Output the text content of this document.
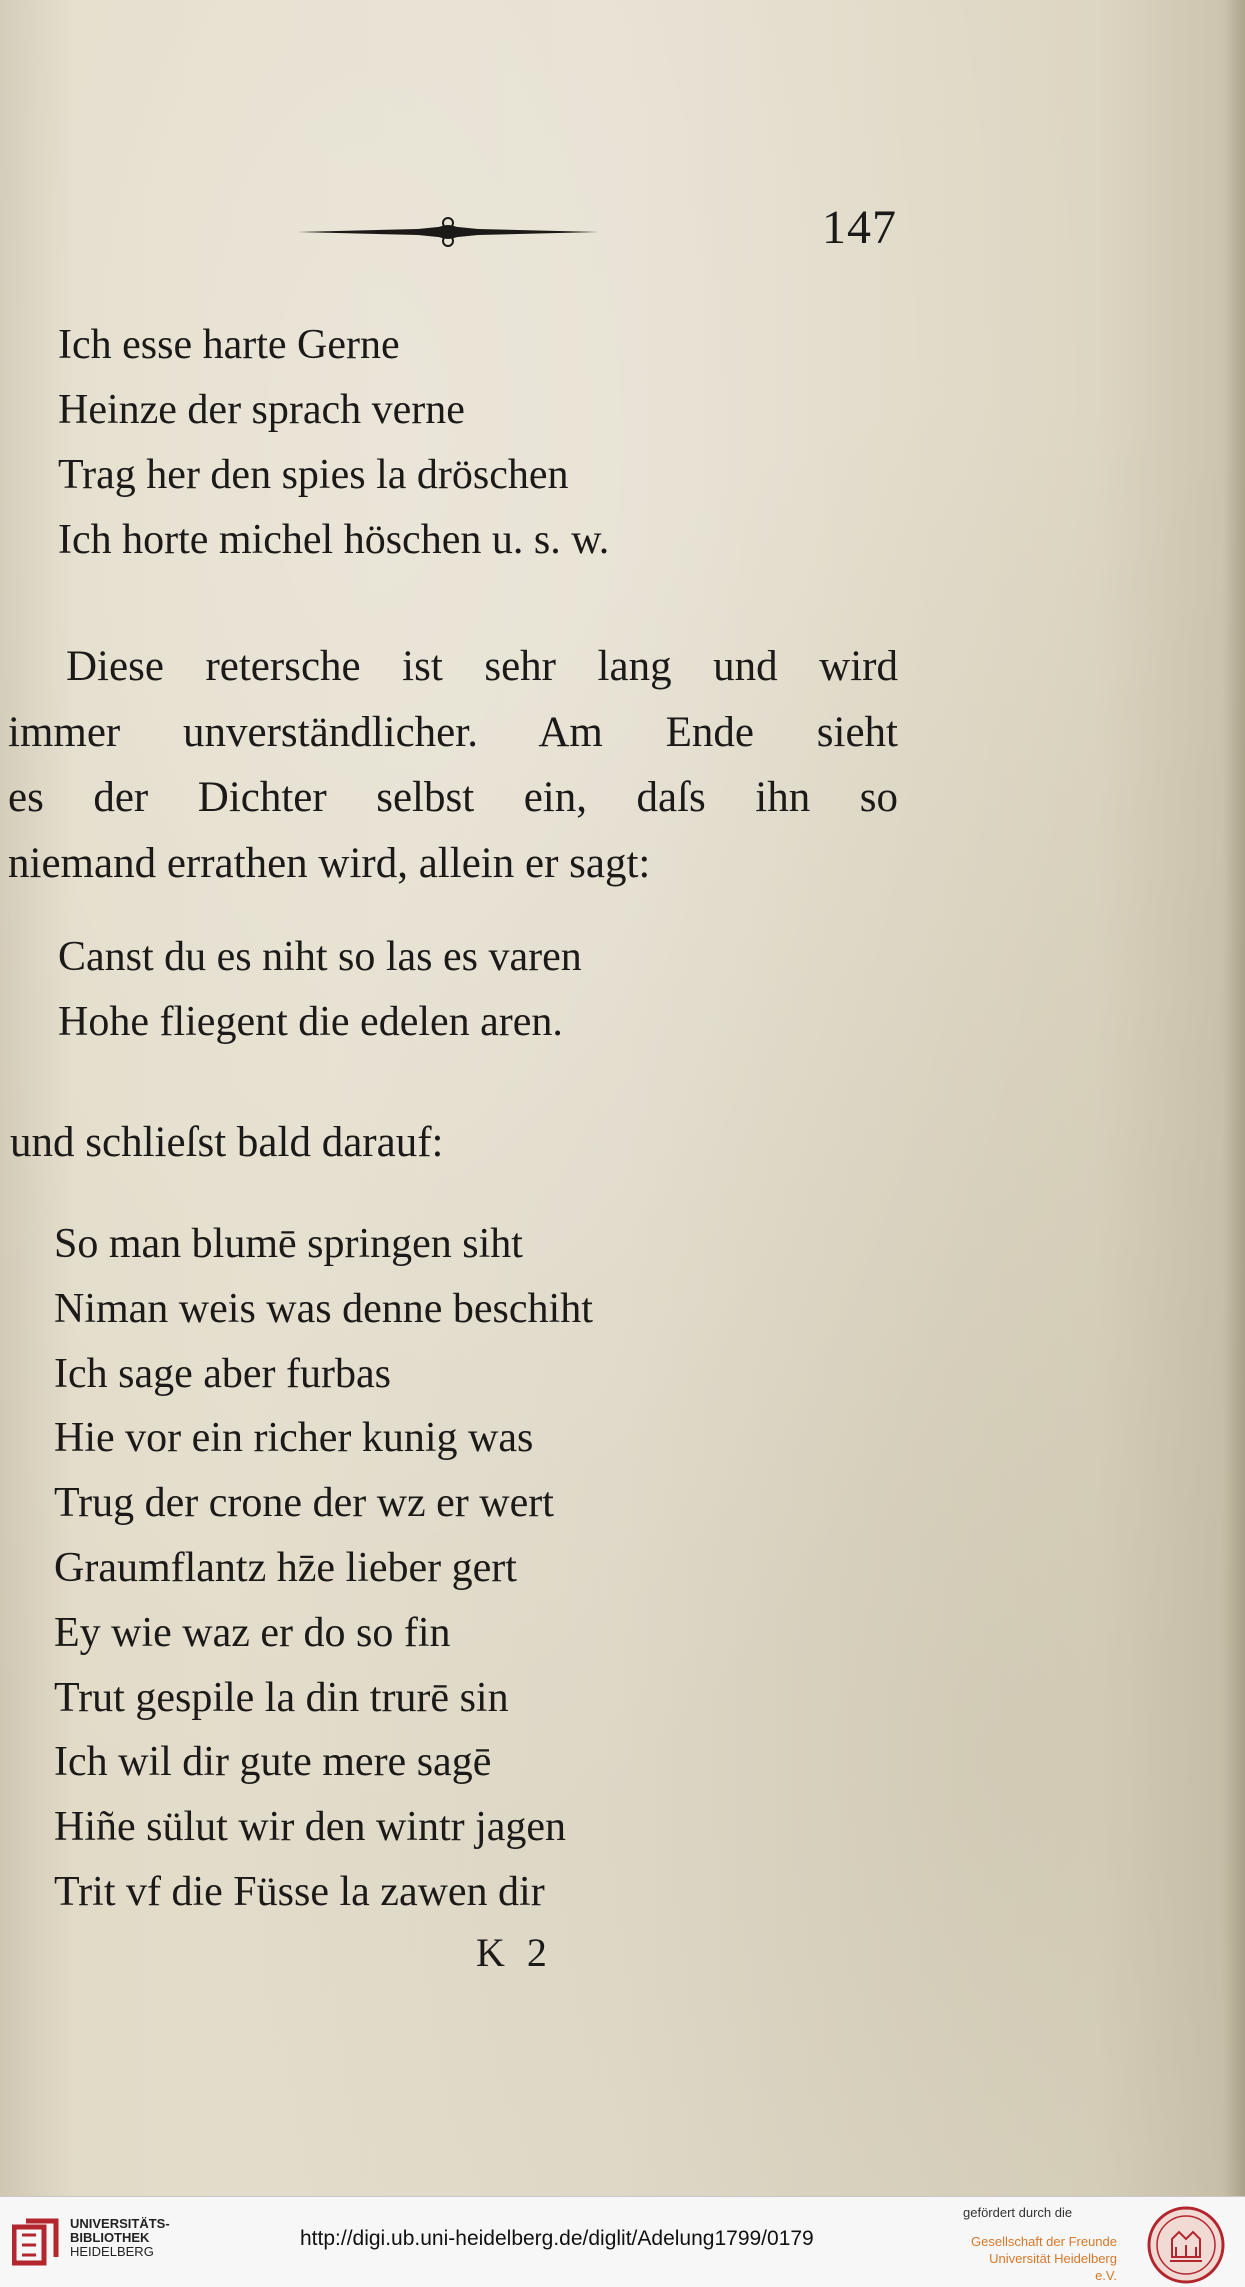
147
Ich esse harte Gerne
Heinze der sprach verne
Trag her den spies la dröschen
Ich horte michel höschen u. s. w.
Diese retersche ist sehr lang und wird
immer unverständlicher. Am Ende sieht
es der Dichter selbst ein, daſs ihn so
niemand errathen wird, allein er sagt:
Canst du es niht so las es varen
Hohe fliegent die edelen aren.
und schlieſst bald darauf:
So man blumē springen siht
Niman weis was denne beschiht
Ich sage aber furbas
Hie vor ein richer kunig was
Trug der crone der wz er wert
Graumflantz hz̄e lieber gert
Ey wie waz er do so fin
Trut gespile la din trurē sin
Ich wil dir gute mere sagē
Hiñe sülut wir den wintr jagen
Trit vf die Füsse la zawen dir
K 2
UNIVERSITÄTS-
BIBLIOTHEK
HEIDELBERG
http://digi.ub.uni-heidelberg.de/diglit/Adelung1799/0179
gefördert durch die
Gesellschaft der Freunde
Universität Heidelberg e.V.
